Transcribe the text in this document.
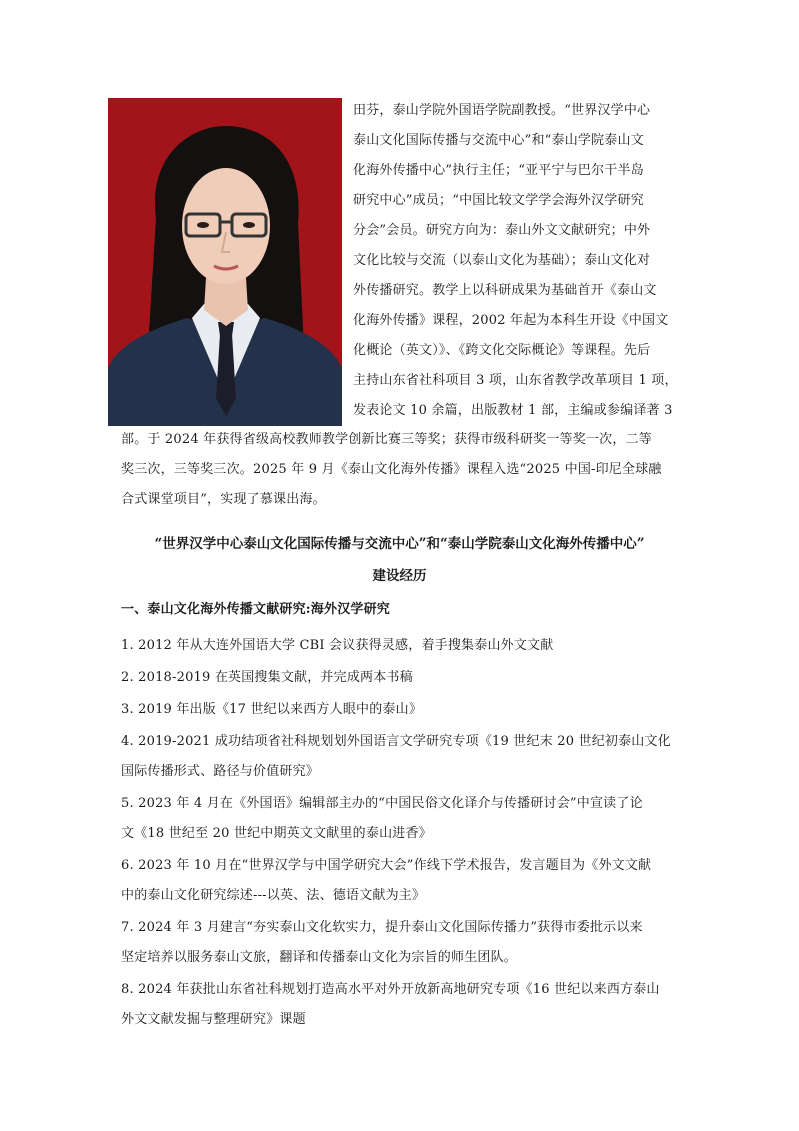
田芬，泰山学院外国语学院副教授。“世界汉学中心
泰山文化国际传播与交流中心”和“泰山学院泰山文
化海外传播中心”执行主任；“亚平宁与巴尔干半岛
研究中心”成员；“中国比较文学学会海外汉学研究
分会”会员。研究方向为：泰山外文文献研究；中外
文化比较与交流（以泰山文化为基础）；泰山文化对
外传播研究。教学上以科研成果为基础首开《泰山文
化海外传播》课程，2002 年起为本科生开设《中国文
化概论（英文）》、《跨文化交际概论》等课程。先后
主持山东省社科项目 3 项，山东省教学改革项目 1 项，
发表论文 10 余篇，出版教材 1 部，主编或参编译著 3
部。于 2024 年获得省级高校教师教学创新比赛三等奖；获得市级科研奖一等奖一次，二等
奖三次，三等奖三次。2025 年 9 月《泰山文化海外传播》课程入选“2025 中国-印尼全球融
合式课堂项目”，实现了慕课出海。
“世界汉学中心泰山文化国际传播与交流中心”和“泰山学院泰山文化海外传播中心”
建设经历
一、泰山文化海外传播文献研究:海外汉学研究
1. 2012 年从大连外国语大学 CBI 会议获得灵感，着手搜集泰山外文文献
2. 2018-2019 在英国搜集文献，并完成两本书稿
3. 2019 年出版《17 世纪以来西方人眼中的泰山》
4. 2019-2021 成功结项省社科规划划外国语言文学研究专项《19 世纪末 20 世纪初泰山文化
国际传播形式、路径与价值研究》
5. 2023 年 4 月在《外国语》编辑部主办的“中国民俗文化译介与传播研讨会”中宣读了论
文《18 世纪至 20 世纪中期英文文献里的泰山进香》
6. 2023 年 10 月在“世界汉学与中国学研究大会”作线下学术报告，发言题目为《外文文献
中的泰山文化研究综述---以英、法、德语文献为主》
7. 2024 年 3 月建言“夯实泰山文化软实力，提升泰山文化国际传播力”获得市委批示以来
坚定培养以服务泰山文旅，翻译和传播泰山文化为宗旨的师生团队。
8. 2024 年获批山东省社科规划打造高水平对外开放新高地研究专项《16 世纪以来西方泰山
外文文献发掘与整理研究》课题
